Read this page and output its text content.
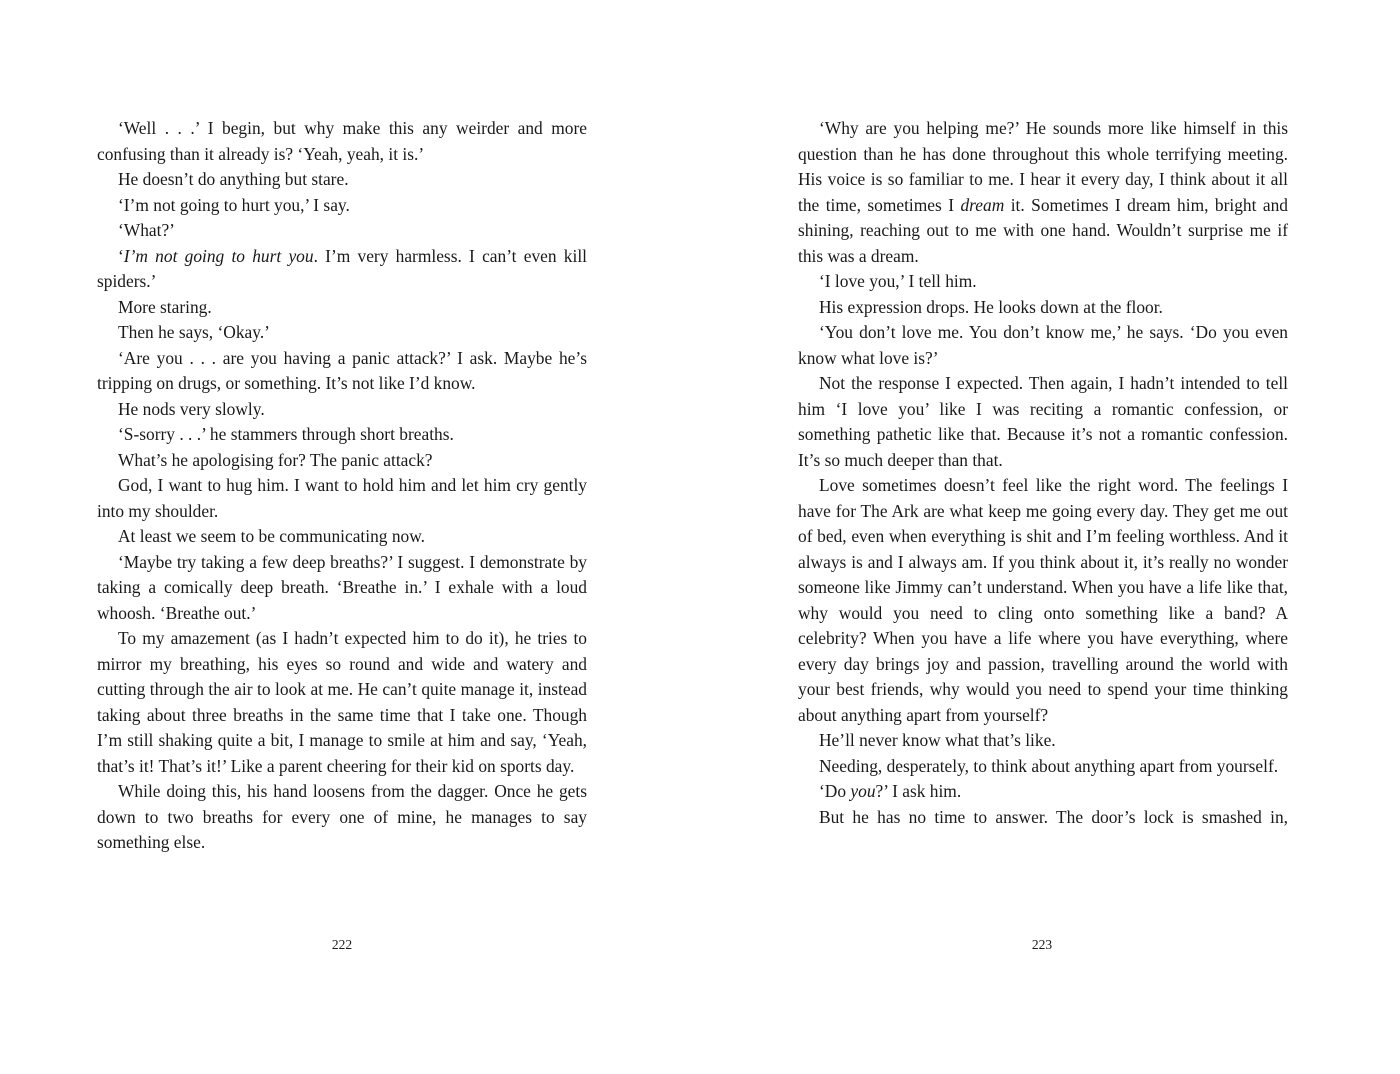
‘Well . . .’ I begin, but why make this any weirder and more confusing than it already is? ‘Yeah, yeah, it is.’

He doesn’t do anything but stare.

‘I’m not going to hurt you,’ I say.

‘What?’

‘I’m not going to hurt you. I’m very harmless. I can’t even kill spiders.’

More staring.

Then he says, ‘Okay.’

‘Are you . . . are you having a panic attack?’ I ask. Maybe he’s tripping on drugs, or something. It’s not like I’d know.

He nods very slowly.

‘S-sorry . . .’ he stammers through short breaths.

What’s he apologising for? The panic attack?

God, I want to hug him. I want to hold him and let him cry gently into my shoulder.

At least we seem to be communicating now.

‘Maybe try taking a few deep breaths?’ I suggest. I demonstrate by taking a comically deep breath. ‘Breathe in.’ I exhale with a loud whoosh. ‘Breathe out.’

To my amazement (as I hadn’t expected him to do it), he tries to mirror my breathing, his eyes so round and wide and watery and cutting through the air to look at me. He can’t quite manage it, instead taking about three breaths in the same time that I take one. Though I’m still shaking quite a bit, I manage to smile at him and say, ‘Yeah, that’s it! That’s it!’ Like a parent cheering for their kid on sports day.

While doing this, his hand loosens from the dagger. Once he gets down to two breaths for every one of mine, he manages to say something else.

222

‘Why are you helping me?’ He sounds more like himself in this question than he has done throughout this whole terrifying meeting. His voice is so familiar to me. I hear it every day, I think about it all the time, sometimes I dream it. Sometimes I dream him, bright and shining, reaching out to me with one hand. Wouldn’t surprise me if this was a dream.

‘I love you,’ I tell him.

His expression drops. He looks down at the floor.

‘You don’t love me. You don’t know me,’ he says. ‘Do you even know what love is?’

Not the response I expected. Then again, I hadn’t intended to tell him ‘I love you’ like I was reciting a romantic confession, or something pathetic like that. Because it’s not a romantic confession. It’s so much deeper than that.

Love sometimes doesn’t feel like the right word. The feelings I have for The Ark are what keep me going every day. They get me out of bed, even when everything is shit and I’m feeling worthless. And it always is and I always am. If you think about it, it’s really no wonder someone like Jimmy can’t understand. When you have a life like that, why would you need to cling onto something like a band? A celebrity? When you have a life where you have everything, where every day brings joy and passion, travelling around the world with your best friends, why would you need to spend your time thinking about anything apart from yourself?

He’ll never know what that’s like.

Needing, desperately, to think about anything apart from yourself.

‘Do you?’ I ask him.

But he has no time to answer. The door’s lock is smashed in,

223
